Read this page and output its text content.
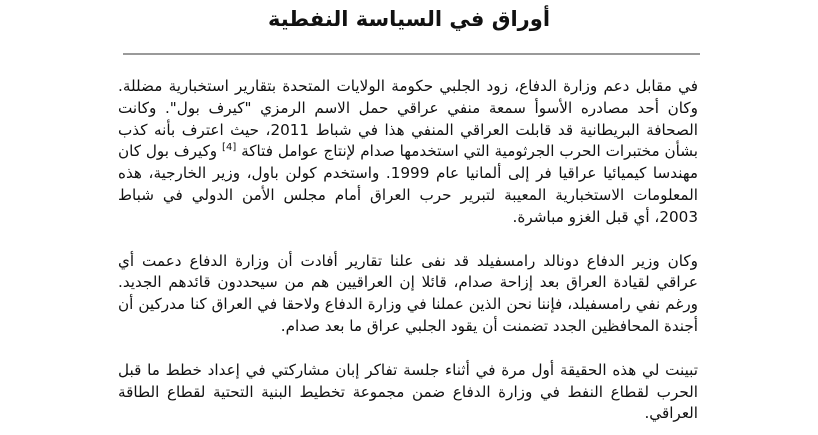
أوراق في السياسة النفطية

في مقابل دعم وزارة الدفاع، زود الجلبي حكومة الولايات المتحدة بتقارير استخبارية مضللة. وكان أحد مصادره الأسوأ سمعة منفي عراقي حمل الاسم الرمزي "كيرف بول". وكانت الصحافة البريطانية قد قابلت العراقي المنفي هذا في شباط 2011، حيث اعترف بأنه كذب بشأن مختبرات الحرب الجرثومية التي استخدمها صدام لإنتاج عوامل فتاكة [4] وكيرف بول كان مهندسا كيميائيا عراقيا فر إلى ألمانيا عام 1999. واستخدم كولن باول، وزير الخارجية، هذه المعلومات الاستخبارية المعيبة لتبرير حرب العراق أمام مجلس الأمن الدولي في شباط 2003، أي قبل الغزو مباشرة.

وكان وزير الدفاع دونالد رامسفيلد قد نفى علنا تقارير أفادت أن وزارة الدفاع دعمت أي عراقي لقيادة العراق بعد إزاحة صدام، قائلا إن العراقيين هم من سيحددون قائدهم الجديد. ورغم نفي رامسفيلد، فإننا نحن الذين عملنا في وزارة الدفاع ولاحقا في العراق كنا مدركين أن أجندة المحافظين الجدد تضمنت أن يقود الجلبي عراق ما بعد صدام.

تبينت لي هذه الحقيقة أول مرة في أثناء جلسة تفاكر إبان مشاركتي في إعداد خطط ما قبل الحرب لقطاع النفط في وزارة الدفاع ضمن مجموعة تخطيط البنية التحتية لقطاع الطاقة العراقي.
